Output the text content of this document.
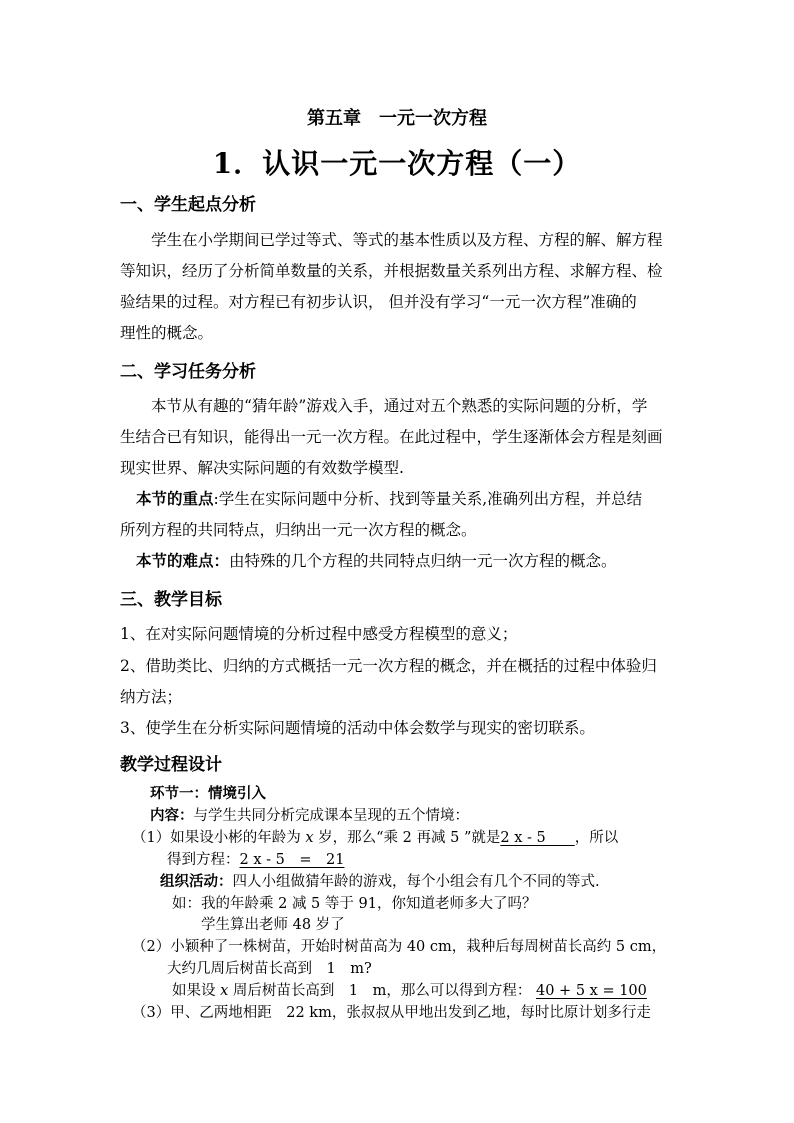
第五章　一元一次方程
1．认识一元一次方程（一）
一、学生起点分析
学生在小学期间已学过等式、等式的基本性质以及方程、方程的解、解方程
等知识，经历了分析简单数量的关系，并根据数量关系列出方程、求解方程、检
验结果的过程。对方程已有初步认识， 但并没有学习“一元一次方程”准确的
理性的概念。
二、学习任务分析
本节从有趣的“猜年龄”游戏入手，通过对五个熟悉的实际问题的分析，学
生结合已有知识，能得出一元一次方程。在此过程中，学生逐渐体会方程是刻画
现实世界、解决实际问题的有效数学模型.
本节的重点:学生在实际问题中分析、找到等量关系,准确列出方程，并总结
所列方程的共同特点，归纳出一元一次方程的概念。
本节的难点：由特殊的几个方程的共同特点归纳一元一次方程的概念。
三、教学目标
1、在对实际问题情境的分析过程中感受方程模型的意义；
2、借助类比、归纳的方式概括一元一次方程的概念，并在概括的过程中体验归
纳方法；
3、使学生在分析实际问题情境的活动中体会数学与现实的密切联系。
教学过程设计
环节一：情境引入
内容：与学生共同分析完成课本呈现的五个情境：
（1）如果设小彬的年龄为 x 岁，那么“乘 2 再减 5 ”就是2 x - 5　　，所以
得到方程：2 x - 5　=　21
组织活动：四人小组做猜年龄的游戏，每个小组会有几个不同的等式.
如：我的年龄乘 2 减 5 等于 91，你知道老师多大了吗？
学生算出老师 48 岁了
（2）小颖种了一株树苗，开始时树苗高为 40 cm，栽种后每周树苗长高约 5 cm，
大约几周后树苗长高到　1　m?
如果设 x 周后树苗长高到　1　m，那么可以得到方程： 40 + 5 x = 100
（3）甲、乙两地相距　22 km，张叔叔从甲地出发到乙地，每时比原计划多行走
